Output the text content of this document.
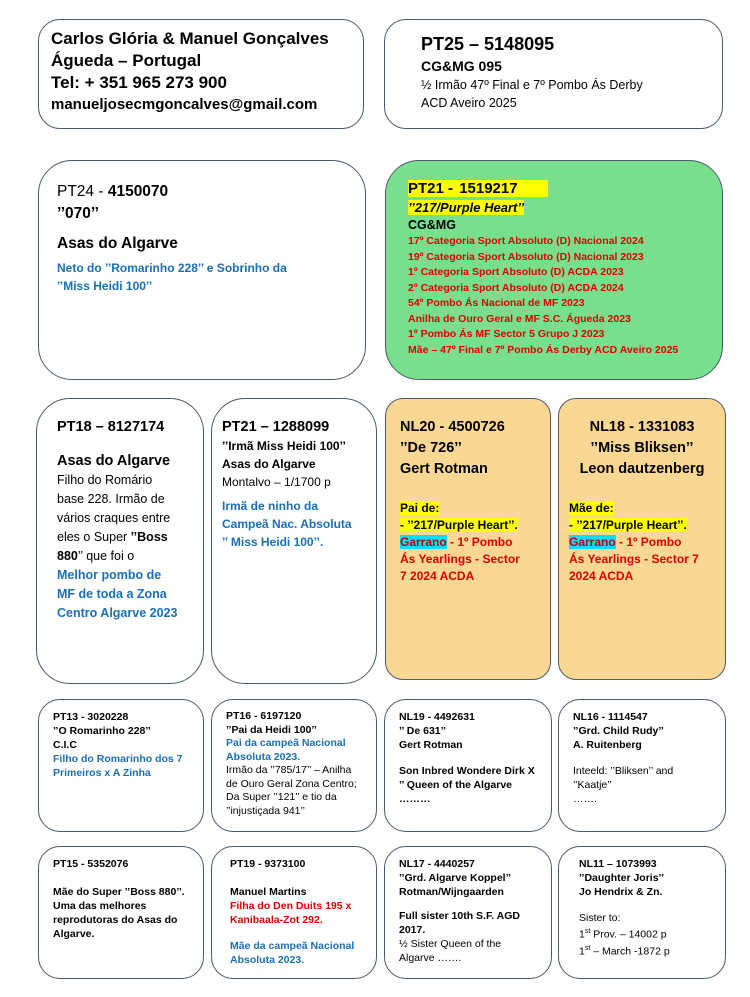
Carlos Glória & Manuel Gonçalves
Águeda – Portugal
Tel: + 351 965 273 900
manueljosecmgoncalves@gmail.com
PT25 – 5148095
CG&MG 095
½ Irmão 47º Final e 7º Pombo Ás Derby
ACD Aveiro 2025
PT24 - 4150070
’’070’’
Asas do Algarve
Neto do ’’Romarinho 228’’ e Sobrinho da
’’Miss Heidi 100’’
PT21 - 1519217
’’217/Purple Heart’’
CG&MG
17º Categoria Sport Absoluto (D) Nacional 2024
19º Categoria Sport Absoluto (D) Nacional 2023
1º Categoria Sport Absoluto (D) ACDA 2023
2º Categoria Sport Absoluto (D) ACDA 2024
54º Pombo Ás Nacional de MF 2023
Anilha de Ouro Geral e MF S.C. Águeda 2023
1º Pombo Ás MF Sector 5 Grupo J 2023
Mãe – 47º Final e 7º Pombo Ás Derby ACD Aveiro 2025
PT18 – 8127174
Asas do Algarve
Filho do Romário
base 228. Irmão de
vários craques entre
eles o Super ’’Boss
880’’ que foi o
Melhor pombo de
MF de toda a Zona
Centro Algarve 2023
PT21 – 1288099
’’Irmã Miss Heidi 100’’
Asas do Algarve
Montalvo – 1/1700 p
Irmã de ninho da
Campeã Nac. Absoluta
’’ Miss Heidi 100’’.
NL20 - 4500726
’’De 726’’
Gert Rotman
Pai de:
- ’’217/Purple Heart’’.
Garrano - 1º Pombo
Ás Yearlings - Sector
7 2024 ACDA
NL18 - 1331083
’’Miss Bliksen’’
Leon dautzenberg
Mãe de:
- ’’217/Purple Heart’’.
Garrano - 1º Pombo
Ás Yearlings - Sector 7
2024 ACDA
PT13 - 3020228
’’O Romarinho 228’’
C.I.C
Filho do Romarinho dos 7
Primeiros x A Zinha
PT16 - 6197120
’’Pai da Heidi 100’’
Pai da campeã Nacional
Absoluta 2023.
Irmão da ’’785/17’’ – Anilha
de Ouro Geral Zona Centro;
Da Super ’’121’’ e tio da
’’injustiçada 941’’
NL19 - 4492631
’’ De 631’’
Gert Rotman
Son Inbred Wondere Dirk X
’’ Queen of the Algarve
………
NL16 - 1114547
’’Grd. Child Rudy’’
A. Ruitenberg
Inteeld: ’’Bliksen’’ and
’’Kaatje’’
…….
PT15 - 5352076
Mãe do Super ’’Boss 880’’.
Uma das melhores
reprodutoras do Asas do
Algarve.
PT19 - 9373100
Manuel Martins
Filha do Den Duits 195 x
Kanibaala-Zot 292.
Mãe da campeã Nacional
Absoluta 2023.
NL17 - 4440257
’’Grd. Algarve Koppel’’
Rotman/Wijngaarden
Full sister 10th S.F. AGD
2017.
½ Sister Queen of the
Algarve …….
NL11 – 1073993
’’Daughter Joris’’
Jo Hendrix & Zn.
Sister to:
1st Prov. – 14002 p
1st – March -1872 p
